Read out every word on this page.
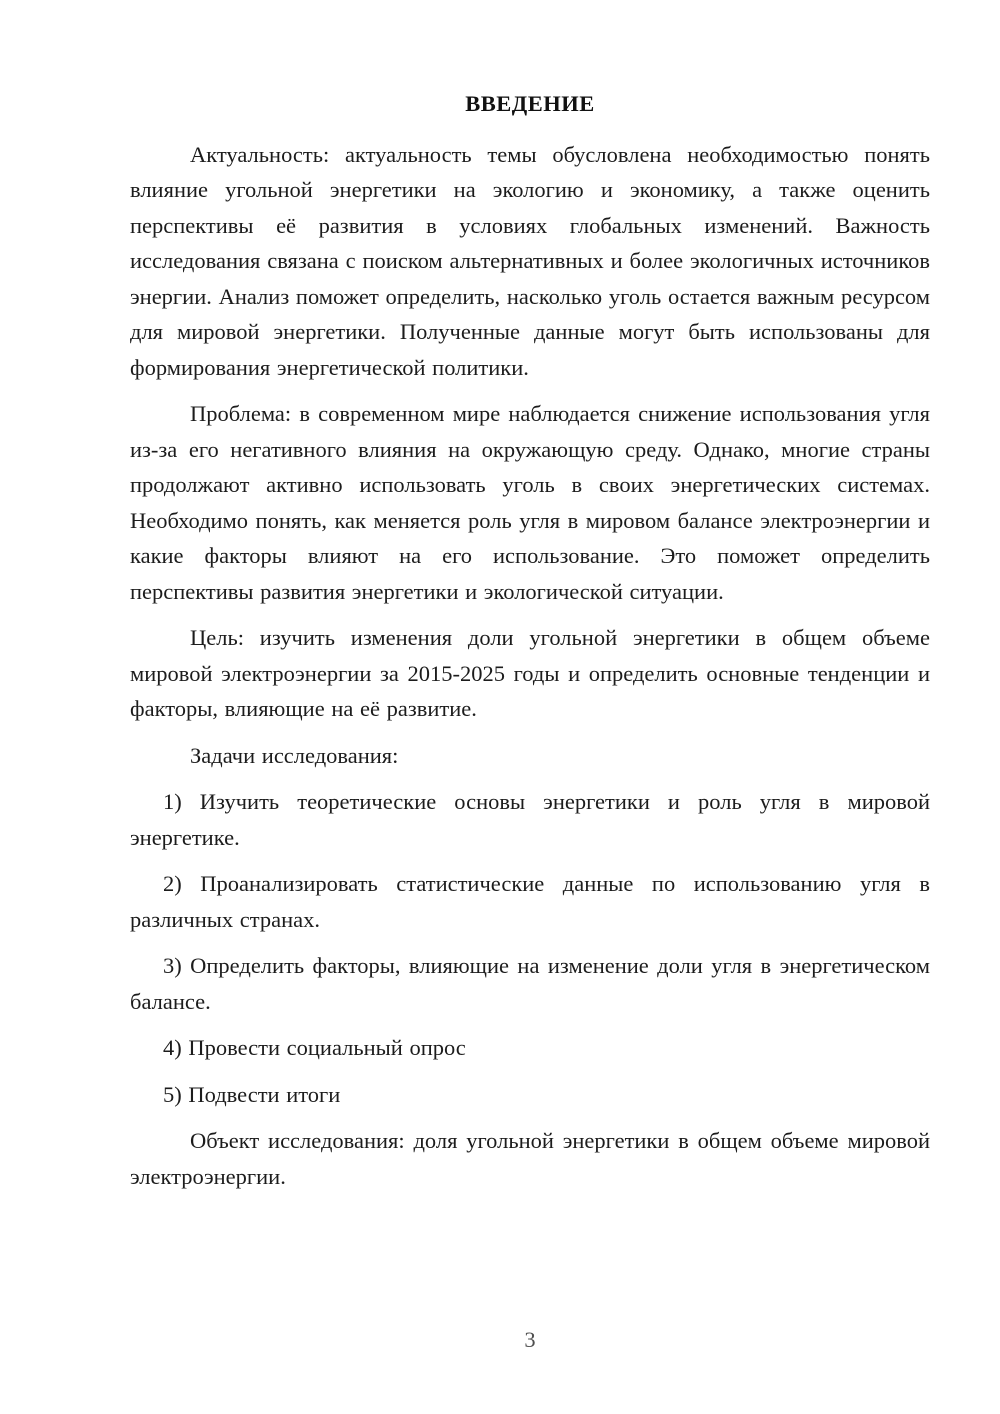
ВВЕДЕНИЕ

Актуальность: актуальность темы обусловлена необходимостью понять влияние угольной энергетики на экологию и экономику, а также оценить перспективы её развития в условиях глобальных изменений. Важность исследования связана с поиском альтернативных и более экологичных источников энергии. Анализ поможет определить, насколько уголь остается важным ресурсом для мировой энергетики. Полученные данные могут быть использованы для формирования энергетической политики.

Проблема: в современном мире наблюдается снижение использования угля из-за его негативного влияния на окружающую среду. Однако, многие страны продолжают активно использовать уголь в своих энергетических системах. Необходимо понять, как меняется роль угля в мировом балансе электроэнергии и какие факторы влияют на его использование. Это поможет определить перспективы развития энергетики и экологической ситуации.

Цель: изучить изменения доли угольной энергетики в общем объеме мировой электроэнергии за 2015-2025 годы и определить основные тенденции и факторы, влияющие на её развитие.

Задачи исследования:

1) Изучить теоретические основы энергетики и роль угля в мировой энергетике.

2) Проанализировать статистические данные по использованию угля в различных странах.

3) Определить факторы, влияющие на изменение доли угля в энергетическом балансе.

4) Провести социальный опрос

5) Подвести итоги

Объект исследования: доля угольной энергетики в общем объеме мировой электроэнергии.

3
